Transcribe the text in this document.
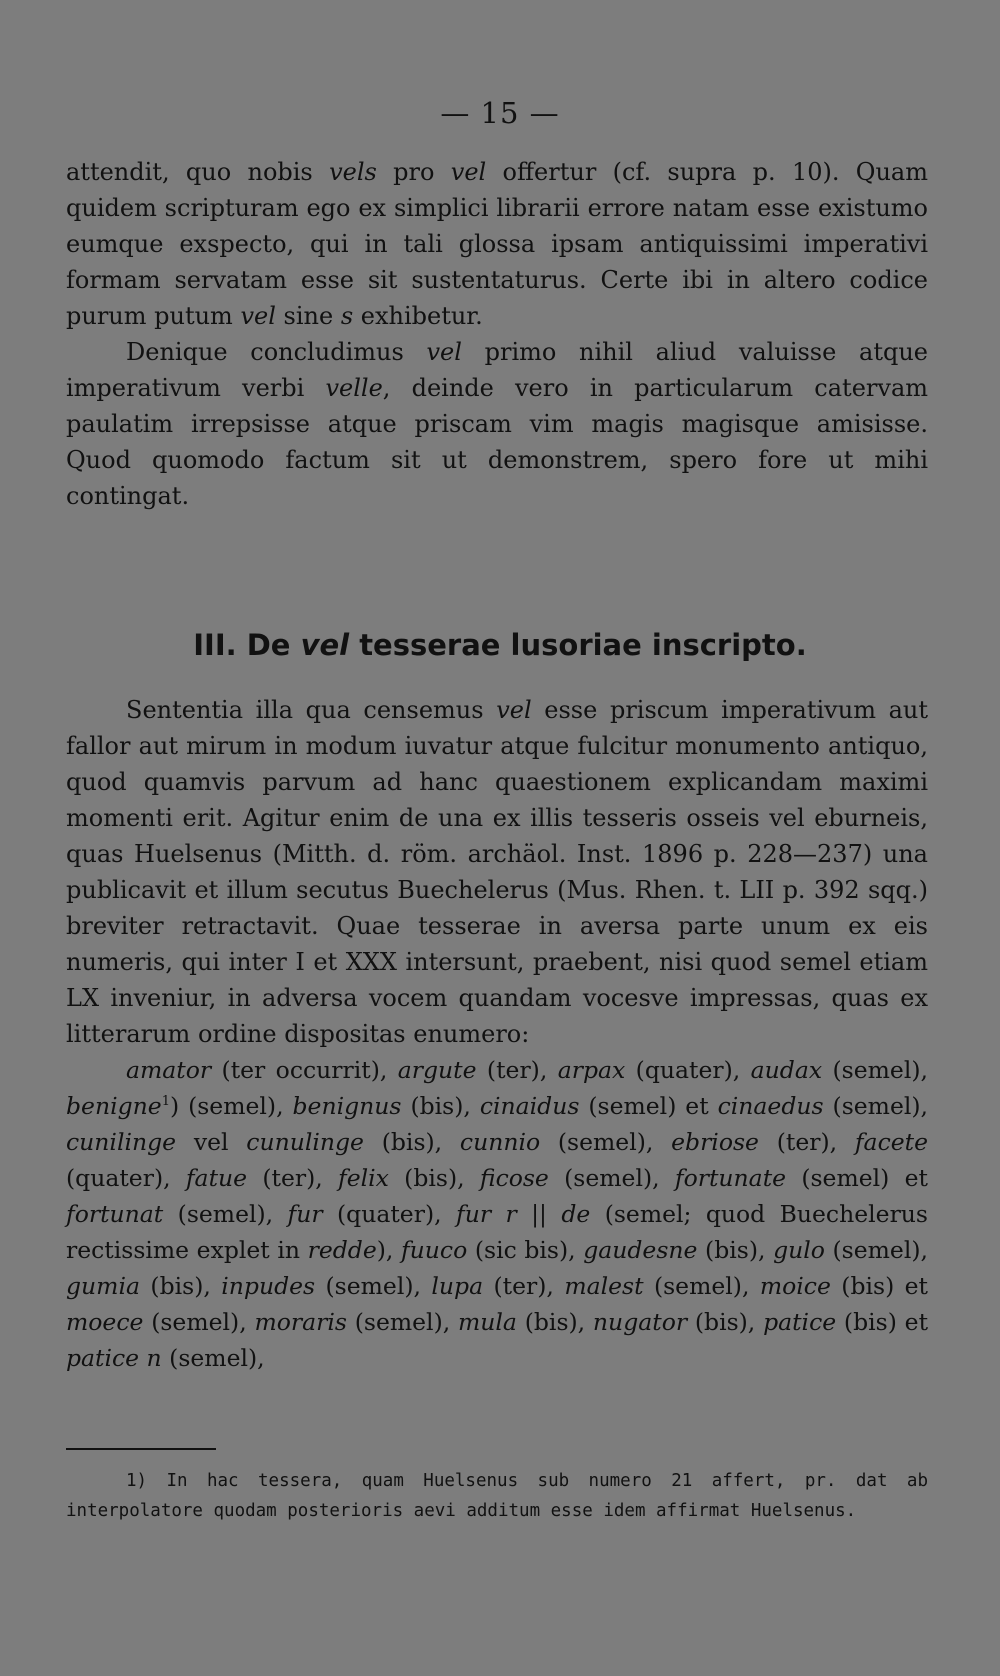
— 15 —

attendit, quo nobis vels pro vel offertur (cf. supra p. 10). Quam quidem scripturam ego ex simplici librarii errore natam esse existumo eumque exspecto, qui in tali glossa ipsam antiquissimi imperativi formam servatam esse sit sustentaturus. Certe ibi in altero codice purum putum vel sine s exhibetur.

Denique concludimus vel primo nihil aliud valuisse atque imperativum verbi velle, deinde vero in particularum catervam paulatim irrepsisse atque priscam vim magis magisque amisisse. Quod quomodo factum sit ut demonstrem, spero fore ut mihi contingat.

III. De vel tesserae lusoriae inscripto.

Sententia illa qua censemus vel esse priscum imperativum aut fallor aut mirum in modum iuvatur atque fulcitur monumento antiquo, quod quamvis parvum ad hanc quaestionem explicandam maximi momenti erit. Agitur enim de una ex illis tesseris osseis vel eburneis, quas Huelsenus (Mitth. d. röm. archäol. Inst. 1896 p. 228—237) una publicavit et illum secutus Buechelerus (Mus. Rhen. t. LII p. 392 sqq.) breviter retractavit. Quae tesserae in aversa parte unum ex eis numeris, qui inter I et XXX intersunt, praebent, nisi quod semel etiam LX inveniur, in adversa vocem quandam vocesve impressas, quas ex litterarum ordine dispositas enumero:

amator (ter occurrit), argute (ter), arpax (quater), audax (semel), benigne$^1$) (semel), benignus (bis), cinaidus (semel) et cinaedus (semel), cunilinge vel cunulinge (bis), cunnio (semel), ebriose (ter), facete (quater), fatue (ter), felix (bis), ficose (semel), fortunate (semel) et fortunat (semel), fur (quater), fur r || de (semel; quod Buechelerus rectissime explet in redde), fuuco (sic bis), gaudesne (bis), gulo (semel), gumia (bis), inpudes (semel), lupa (ter), malest (semel), moice (bis) et moece (semel), moraris (semel), mula (bis), nugator (bis), patice (bis) et patice n (semel),

1) In hac tessera, quam Huelsenus sub numero 21 affert, pr. dat ab interpolatore quodam posterioris aevi additum esse idem affirmat Huelsenus.
